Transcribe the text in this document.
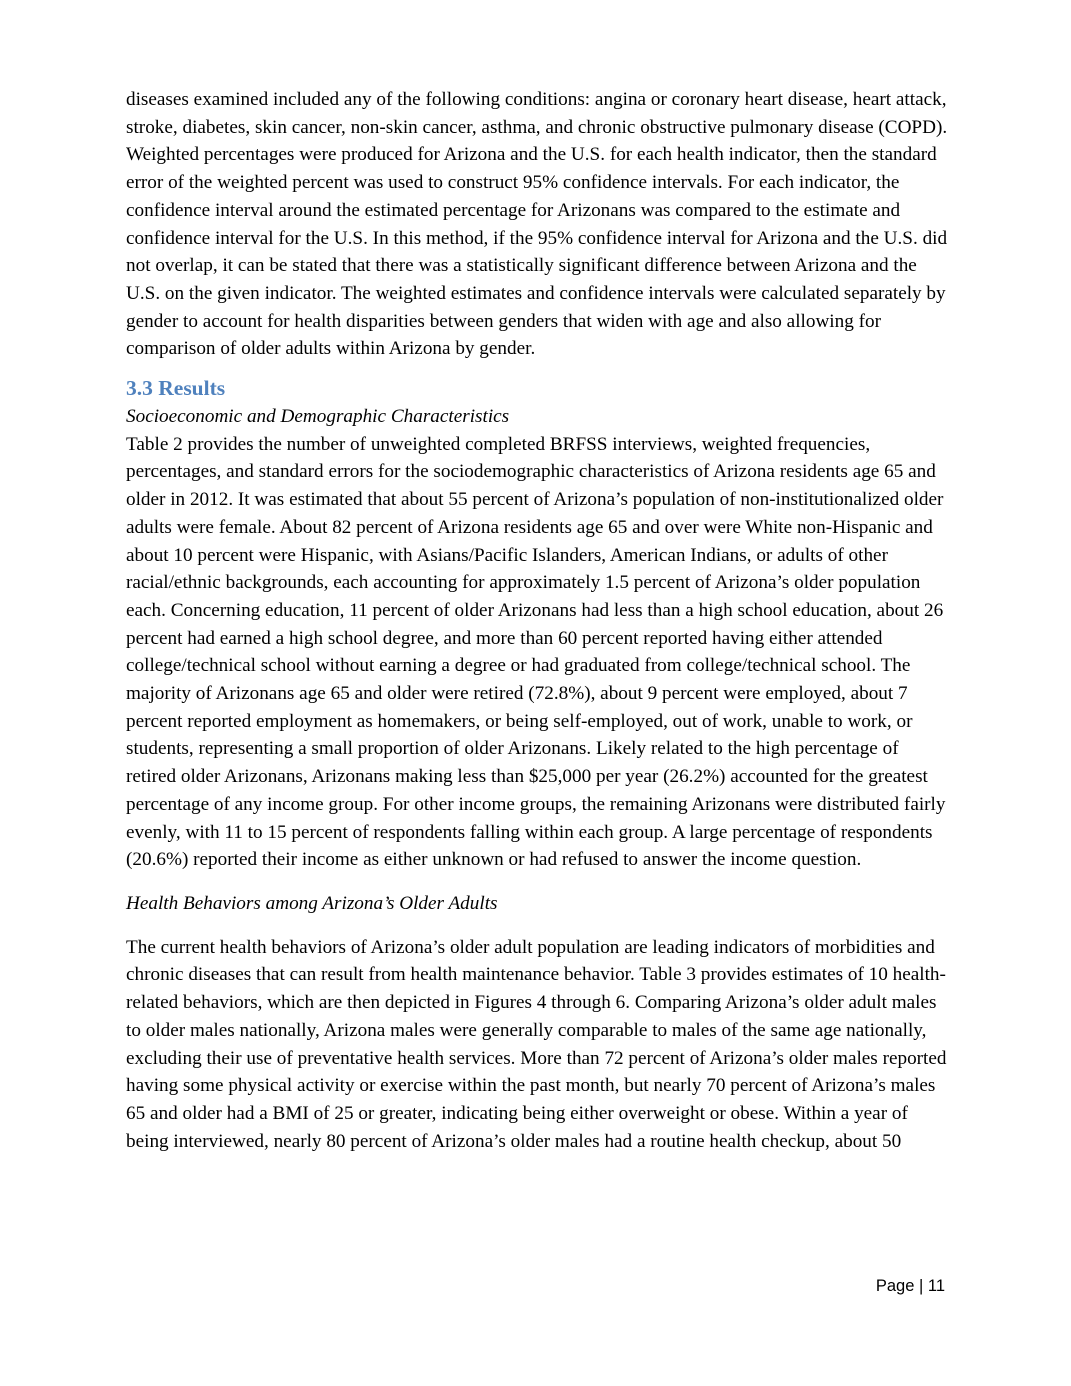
diseases examined included any of the following conditions: angina or coronary heart disease, heart attack, stroke, diabetes, skin cancer, non-skin cancer, asthma, and chronic obstructive pulmonary disease (COPD). Weighted percentages were produced for Arizona and the U.S. for each health indicator, then the standard error of the weighted percent was used to construct 95% confidence intervals. For each indicator, the confidence interval around the estimated percentage for Arizonans was compared to the estimate and confidence interval for the U.S. In this method, if the 95% confidence interval for Arizona and the U.S. did not overlap, it can be stated that there was a statistically significant difference between Arizona and the U.S. on the given indicator. The weighted estimates and confidence intervals were calculated separately by gender to account for health disparities between genders that widen with age and also allowing for comparison of older adults within Arizona by gender.

3.3 Results

Socioeconomic and Demographic Characteristics

Table 2 provides the number of unweighted completed BRFSS interviews, weighted frequencies, percentages, and standard errors for the sociodemographic characteristics of Arizona residents age 65 and older in 2012. It was estimated that about 55 percent of Arizona’s population of non-institutionalized older adults were female. About 82 percent of Arizona residents age 65 and over were White non-Hispanic and about 10 percent were Hispanic, with Asians/Pacific Islanders, American Indians, or adults of other racial/ethnic backgrounds, each accounting for approximately 1.5 percent of Arizona’s older population each. Concerning education, 11 percent of older Arizonans had less than a high school education, about 26 percent had earned a high school degree, and more than 60 percent reported having either attended college/technical school without earning a degree or had graduated from college/technical school. The majority of Arizonans age 65 and older were retired (72.8%), about 9 percent were employed, about 7 percent reported employment as homemakers, or being self-employed, out of work, unable to work, or students, representing a small proportion of older Arizonans. Likely related to the high percentage of retired older Arizonans, Arizonans making less than $25,000 per year (26.2%) accounted for the greatest percentage of any income group. For other income groups, the remaining Arizonans were distributed fairly evenly, with 11 to 15 percent of respondents falling within each group. A large percentage of respondents (20.6%) reported their income as either unknown or had refused to answer the income question.

Health Behaviors among Arizona’s Older Adults

The current health behaviors of Arizona’s older adult population are leading indicators of morbidities and chronic diseases that can result from health maintenance behavior. Table 3 provides estimates of 10 health-related behaviors, which are then depicted in Figures 4 through 6. Comparing Arizona’s older adult males to older males nationally, Arizona males were generally comparable to males of the same age nationally, excluding their use of preventative health services. More than 72 percent of Arizona’s older males reported having some physical activity or exercise within the past month, but nearly 70 percent of Arizona’s males 65 and older had a BMI of 25 or greater, indicating being either overweight or obese. Within a year of being interviewed, nearly 80 percent of Arizona’s older males had a routine health checkup, about 50

Page | 11
